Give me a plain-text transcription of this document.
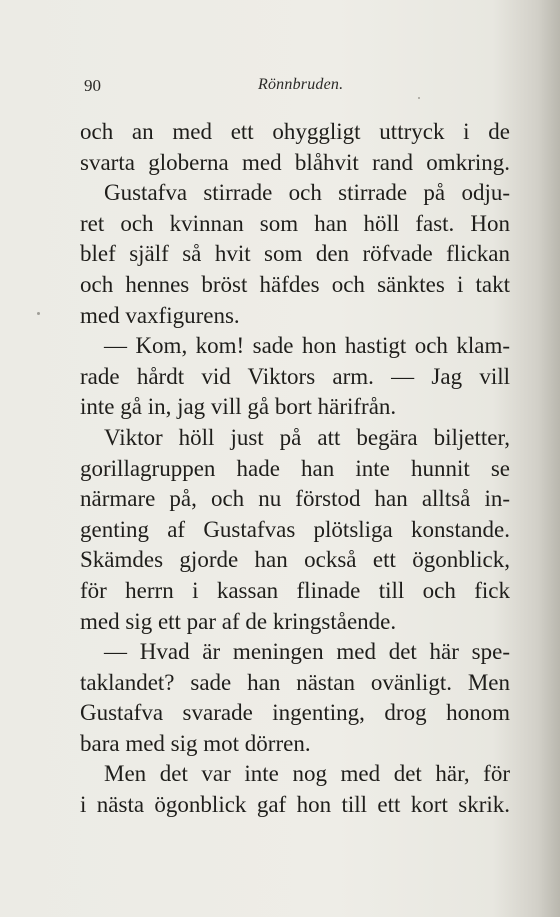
90	Rönnbruden.

och an med ett ohyggligt uttryck i de
svarta globerna med blåhvit rand omkring.

Gustafva stirrade och stirrade på odju-
ret och kvinnan som han höll fast. Hon
blef själf så hvit som den röfvade flickan
och hennes bröst häfdes och sänktes i takt
med vaxfigurens.

— Kom, kom! sade hon hastigt och klam-
rade hårdt vid Viktors arm. — Jag vill
inte gå in, jag vill gå bort härifrån.

Viktor höll just på att begära biljetter,
gorillagruppen hade han inte hunnit se
närmare på, och nu förstod han alltså in-
genting af Gustafvas plötsliga konstande.
Skämdes gjorde han också ett ögonblick,
för herrn i kassan flinade till och fick
med sig ett par af de kringstående.

— Hvad är meningen med det här spe-
taklandet? sade han nästan ovänligt. Men
Gustafva svarade ingenting, drog honom
bara med sig mot dörren.

Men det var inte nog med det här, för
i nästa ögonblick gaf hon till ett kort skrik.
